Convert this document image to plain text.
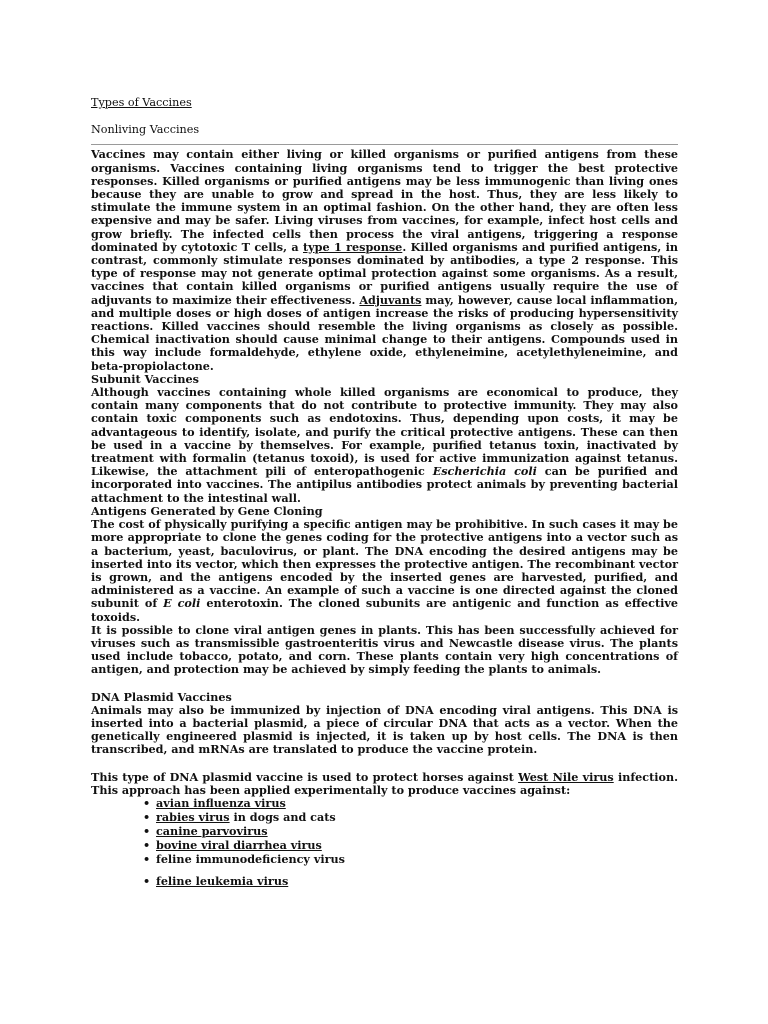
Types of Vaccines
Nonliving Vaccines

Vaccines may contain either living or killed organisms or purified antigens from these organisms. Vaccines containing living organisms tend to trigger the best protective responses. Killed organisms or purified antigens may be less immunogenic than living ones because they are unable to grow and spread in the host. Thus, they are less likely to stimulate the immune system in an optimal fashion. On the other hand, they are often less expensive and may be safer. Living viruses from vaccines, for example, infect host cells and grow briefly. The infected cells then process the viral antigens, triggering a response dominated by cytotoxic T cells, a type 1 response. Killed organisms and purified antigens, in contrast, commonly stimulate responses dominated by antibodies, a type 2 response. This type of response may not generate optimal protection against some organisms. As a result, vaccines that contain killed organisms or purified antigens usually require the use of adjuvants to maximize their effectiveness. Adjuvants may, however, cause local inflammation, and multiple doses or high doses of antigen increase the risks of producing hypersensitivity reactions. Killed vaccines should resemble the living organisms as closely as possible. Chemical inactivation should cause minimal change to their antigens. Compounds used in this way include formaldehyde, ethylene oxide, ethyleneimine, acetylethyleneimine, and beta-propiolactone.

Subunit Vaccines

Although vaccines containing whole killed organisms are economical to produce, they contain many components that do not contribute to protective immunity. They may also contain toxic components such as endotoxins. Thus, depending upon costs, it may be advantageous to identify, isolate, and purify the critical protective antigens. These can then be used in a vaccine by themselves. For example, purified tetanus toxin, inactivated by treatment with formalin (tetanus toxoid), is used for active immunization against tetanus. Likewise, the attachment pili of enteropathogenic Escherichia coli can be purified and incorporated into vaccines. The antipilus antibodies protect animals by preventing bacterial attachment to the intestinal wall.

Antigens Generated by Gene Cloning

The cost of physically purifying a specific antigen may be prohibitive. In such cases it may be more appropriate to clone the genes coding for the protective antigens into a vector such as a bacterium, yeast, baculovirus, or plant. The DNA encoding the desired antigens may be inserted into its vector, which then expresses the protective antigen. The recombinant vector is grown, and the antigens encoded by the inserted genes are harvested, purified, and administered as a vaccine. An example of such a vaccine is one directed against the cloned subunit of E coli enterotoxin. The cloned subunits are antigenic and function as effective toxoids.

It is possible to clone viral antigen genes in plants. This has been successfully achieved for viruses such as transmissible gastroenteritis virus and Newcastle disease virus. The plants used include tobacco, potato, and corn. These plants contain very high concentrations of antigen, and protection may be achieved by simply feeding the plants to animals.

DNA Plasmid Vaccines

Animals may also be immunized by injection of DNA encoding viral antigens. This DNA is inserted into a bacterial plasmid, a piece of circular DNA that acts as a vector. When the genetically engineered plasmid is injected, it is taken up by host cells. The DNA is then transcribed, and mRNAs are translated to produce the vaccine protein.

This type of DNA plasmid vaccine is used to protect horses against West Nile virus infection. This approach has been applied experimentally to produce vaccines against:

• avian influenza virus
• rabies virus in dogs and cats
• canine parvovirus
• bovine viral diarrhea virus
• feline immunodeficiency virus
• feline leukemia virus
